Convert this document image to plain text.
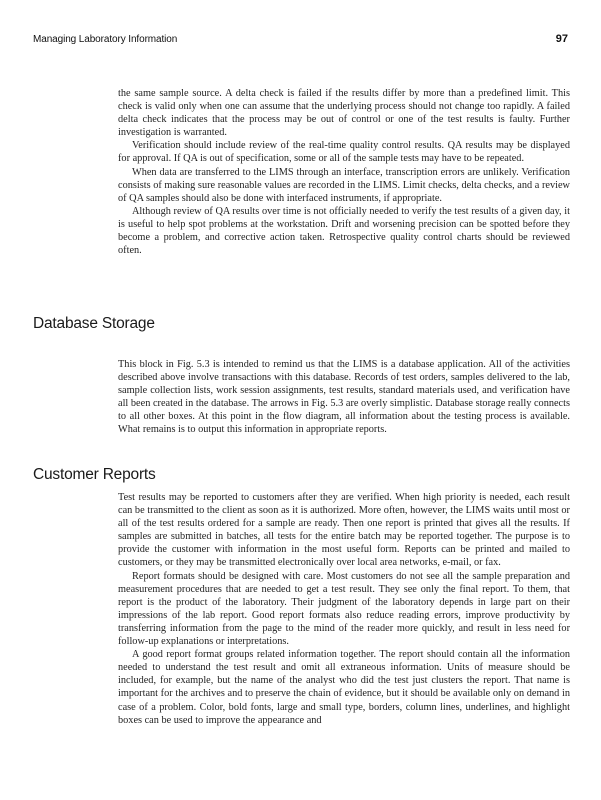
Managing Laboratory Information	97

the same sample source. A delta check is failed if the results differ by more than a predefined limit. This check is valid only when one can assume that the underlying process should not change too rapidly. A failed delta check indicates that the process may be out of control or one of the test results is faulty. Further investigation is warranted.

Verification should include review of the real-time quality control results. QA results may be displayed for approval. If QA is out of specification, some or all of the sample tests may have to be repeated.

When data are transferred to the LIMS through an interface, transcription errors are unlikely. Verification consists of making sure reasonable values are recorded in the LIMS. Limit checks, delta checks, and a review of QA samples should also be done with interfaced instruments, if appropriate.

Although review of QA results over time is not officially needed to verify the test results of a given day, it is useful to help spot problems at the workstation. Drift and worsening precision can be spotted before they become a problem, and corrective action taken. Retrospective quality control charts should be reviewed often.

Database Storage

This block in Fig. 5.3 is intended to remind us that the LIMS is a database application. All of the activities described above involve transactions with this database. Records of test orders, samples delivered to the lab, sample collection lists, work session assignments, test results, standard materials used, and verification have all been created in the database. The arrows in Fig. 5.3 are overly simplistic. Database storage really connects to all other boxes. At this point in the flow diagram, all information about the testing process is available. What remains is to output this information in appropriate reports.

Customer Reports

Test results may be reported to customers after they are verified. When high priority is needed, each result can be transmitted to the client as soon as it is authorized. More often, however, the LIMS waits until most or all of the test results ordered for a sample are ready. Then one report is printed that gives all the results. If samples are submitted in batches, all tests for the entire batch may be reported together. The purpose is to provide the customer with information in the most useful form. Reports can be printed and mailed to customers, or they may be transmitted electronically over local area networks, e-mail, or fax.

Report formats should be designed with care. Most customers do not see all the sample preparation and measurement procedures that are needed to get a test result. They see only the final report. To them, that report is the product of the laboratory. Their judgment of the laboratory depends in large part on their impressions of the lab report. Good report formats also reduce reading errors, improve productivity by transferring information from the page to the mind of the reader more quickly, and result in less need for follow-up explanations or interpretations.

A good report format groups related information together. The report should contain all the information needed to understand the test result and omit all extraneous information. Units of measure should be included, for example, but the name of the analyst who did the test just clusters the report. That name is important for the archives and to preserve the chain of evidence, but it should be available only on demand in case of a problem. Color, bold fonts, large and small type, borders, column lines, underlines, and highlight boxes can be used to improve the appearance and
